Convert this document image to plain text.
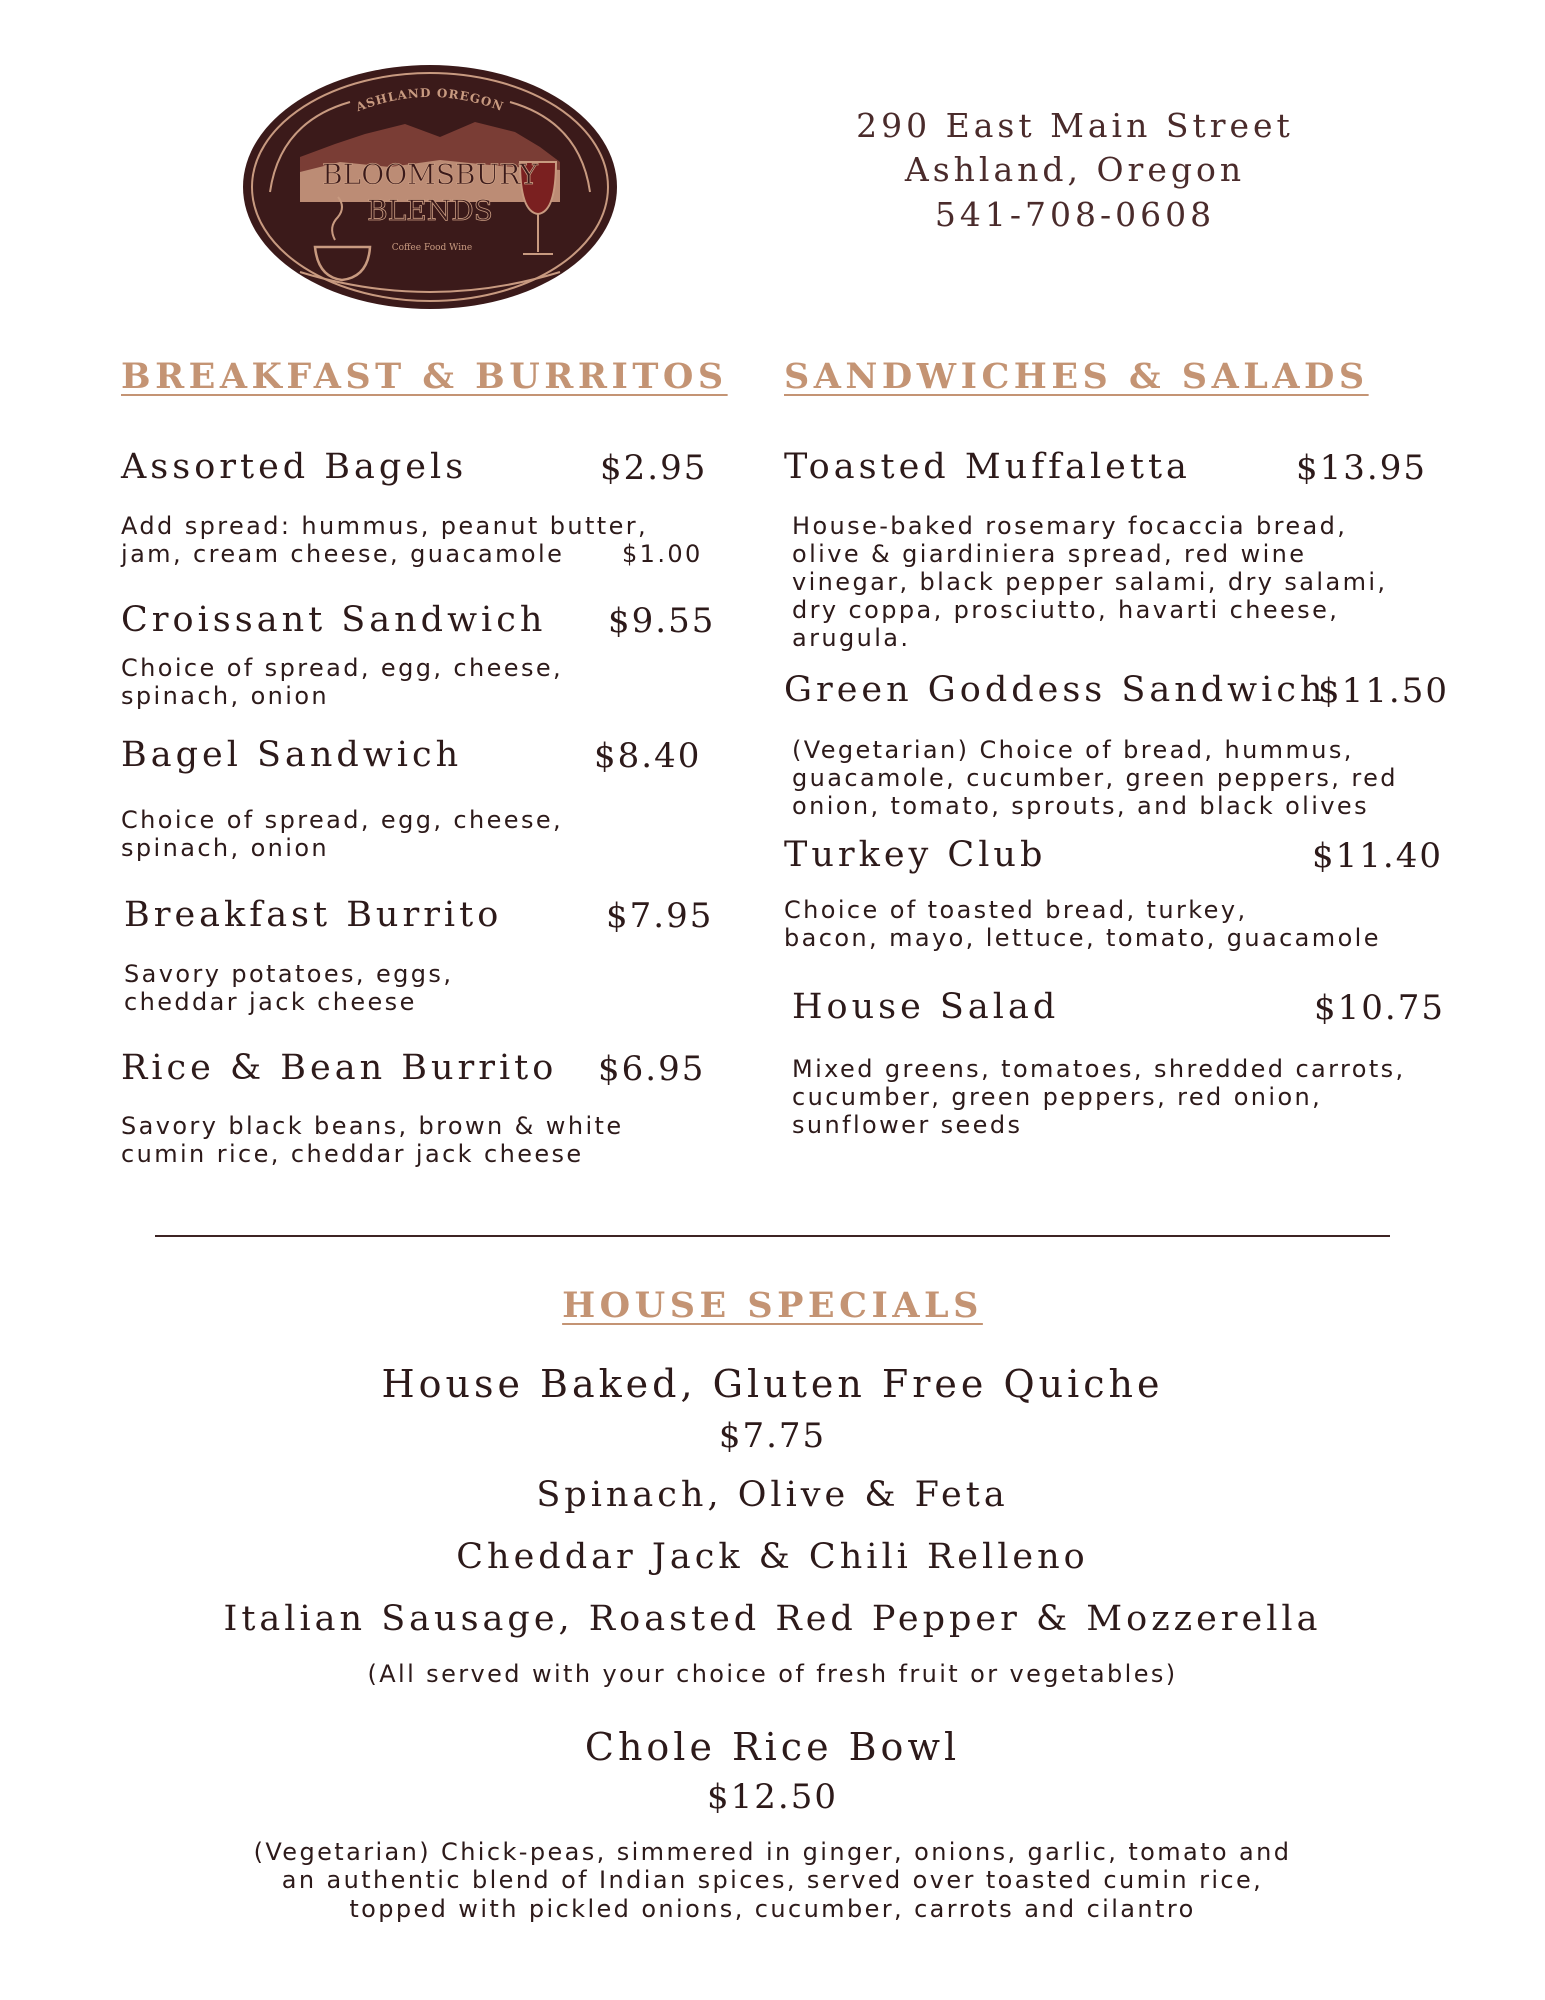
ASHLAND OREGON
BLOOMSBURY
BLENDS
Coffee Food Wine
290 East Main Street
Ashland, Oregon
541-708-0608
BREAKFAST & BURRITOS
Assorted Bagels	$2.95
Add spread: hummus, peanut butter,
jam, cream cheese, guacamole $1.00
Croissant Sandwich $9.55
Choice of spread, egg, cheese,
spinach, onion
Bagel Sandwich	$8.40
Choice of spread, egg, cheese,
spinach, onion
Breakfast Burrito	$7.95
Savory potatoes, eggs,
cheddar jack cheese
Rice & Bean Burrito $6.95
Savory black beans, brown & white
cumin rice, cheddar jack cheese
SANDWICHES & SALADS
Toasted Muffaletta	$13.95
House-baked rosemary focaccia bread,
olive & giardiniera spread, red wine
vinegar, black pepper salami, dry salami,
dry coppa, prosciutto, havarti cheese,
arugula.
Green Goddess Sandwich
$11.50
(Vegetarian) Choice of bread, hummus,
guacamole, cucumber, green peppers, red
onion, tomato, sprouts, and black olives
Turkey Club	$11.40
Choice of toasted bread, turkey,
bacon, mayo, lettuce, tomato, guacamole
House Salad	$10.75
Mixed greens, tomatoes, shredded carrots,
cucumber, green peppers, red onion,
sunflower seeds
HOUSE SPECIALS
House Baked, Gluten Free Quiche
$7.75
Spinach, Olive & Feta
Cheddar Jack & Chili Relleno
Italian Sausage, Roasted Red Pepper & Mozzerella
(All served with your choice of fresh fruit or vegetables)
Chole Rice Bowl
$12.50
(Vegetarian) Chick-peas, simmered in ginger, onions, garlic, tomato and
an authentic blend of Indian spices, served over toasted cumin rice,
topped with pickled onions, cucumber, carrots and cilantro
